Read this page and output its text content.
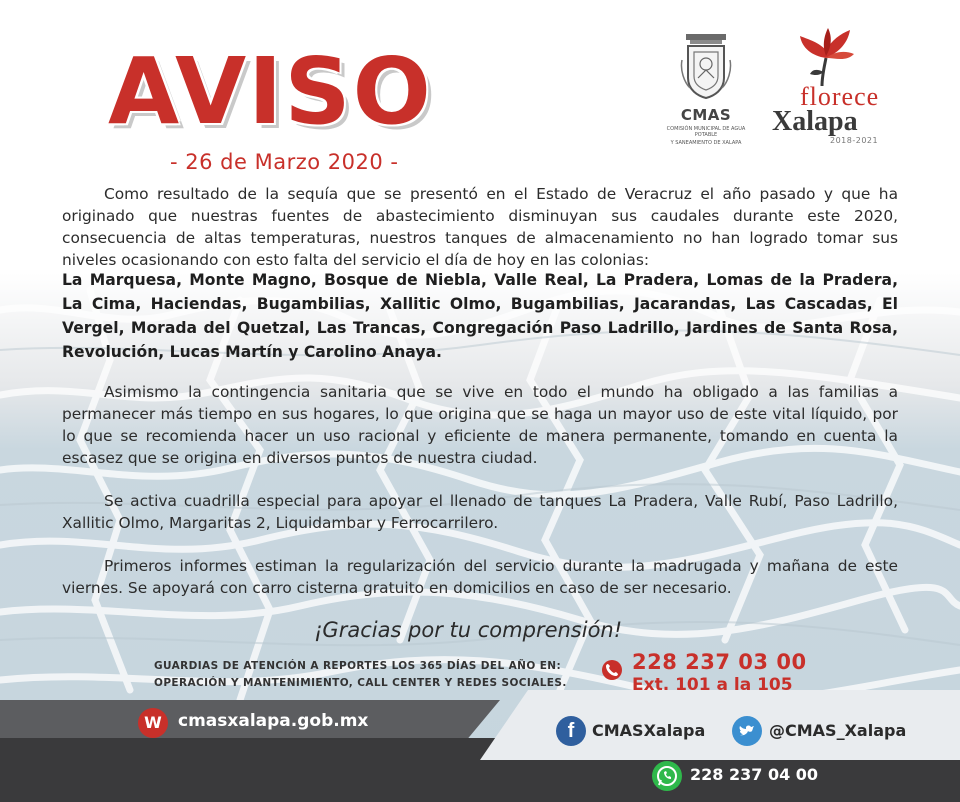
AVISO
- 26 de Marzo 2020 -
CMAS
COMISIÓN MUNICIPAL DE AGUA POTABLE
Y SANEAMIENTO DE XALAPA
florece
Xalapa
2018-2021
Como resultado de la sequía que se presentó en el Estado de Veracruz el año pasado y que ha originado que nuestras fuentes de abastecimiento disminuyan sus caudales durante este 2020, consecuencia de altas temperaturas, nuestros tanques de almacenamiento no han logrado tomar sus niveles ocasionando con esto falta del servicio el día de hoy en las colonias:
La Marquesa, Monte Magno, Bosque de Niebla, Valle Real, La Pradera, Lomas de la Pradera, La Cima, Haciendas, Bugambilias, Xallitic Olmo, Bugambilias, Jacarandas, Las Cascadas, El Vergel, Morada del Quetzal, Las Trancas, Congregación Paso Ladrillo, Jardines de Santa Rosa, Revolución, Lucas Martín y Carolino Anaya.
Asimismo la contingencia sanitaria que se vive en todo el mundo ha obligado a las familias a permanecer más tiempo en sus hogares, lo que origina que se haga un mayor uso de este vital líquido, por lo que se recomienda hacer un uso racional y eficiente de manera permanente, tomando en cuenta la escasez que se origina en diversos puntos de nuestra ciudad.
Se activa cuadrilla especial para apoyar el llenado de tanques La Pradera, Valle Rubí, Paso Ladrillo, Xallitic Olmo, Margaritas 2, Liquidambar y Ferrocarrilero.
Primeros informes estiman la regularización del servicio durante la madrugada y mañana de este viernes. Se apoyará con carro cisterna gratuito en domicilios en caso de ser necesario.
¡Gracias por tu comprensión!
GUARDIAS DE ATENCIÓN A REPORTES LOS 365 DÍAS DEL AÑO EN:
OPERACIÓN Y MANTENIMIENTO, CALL CENTER Y REDES SOCIALES.
228 237 03 00
Ext. 101 a la 105
W cmasxalapa.gob.mx	f	CMASXalapa	@CMAS_Xalapa
228 237 04 00
